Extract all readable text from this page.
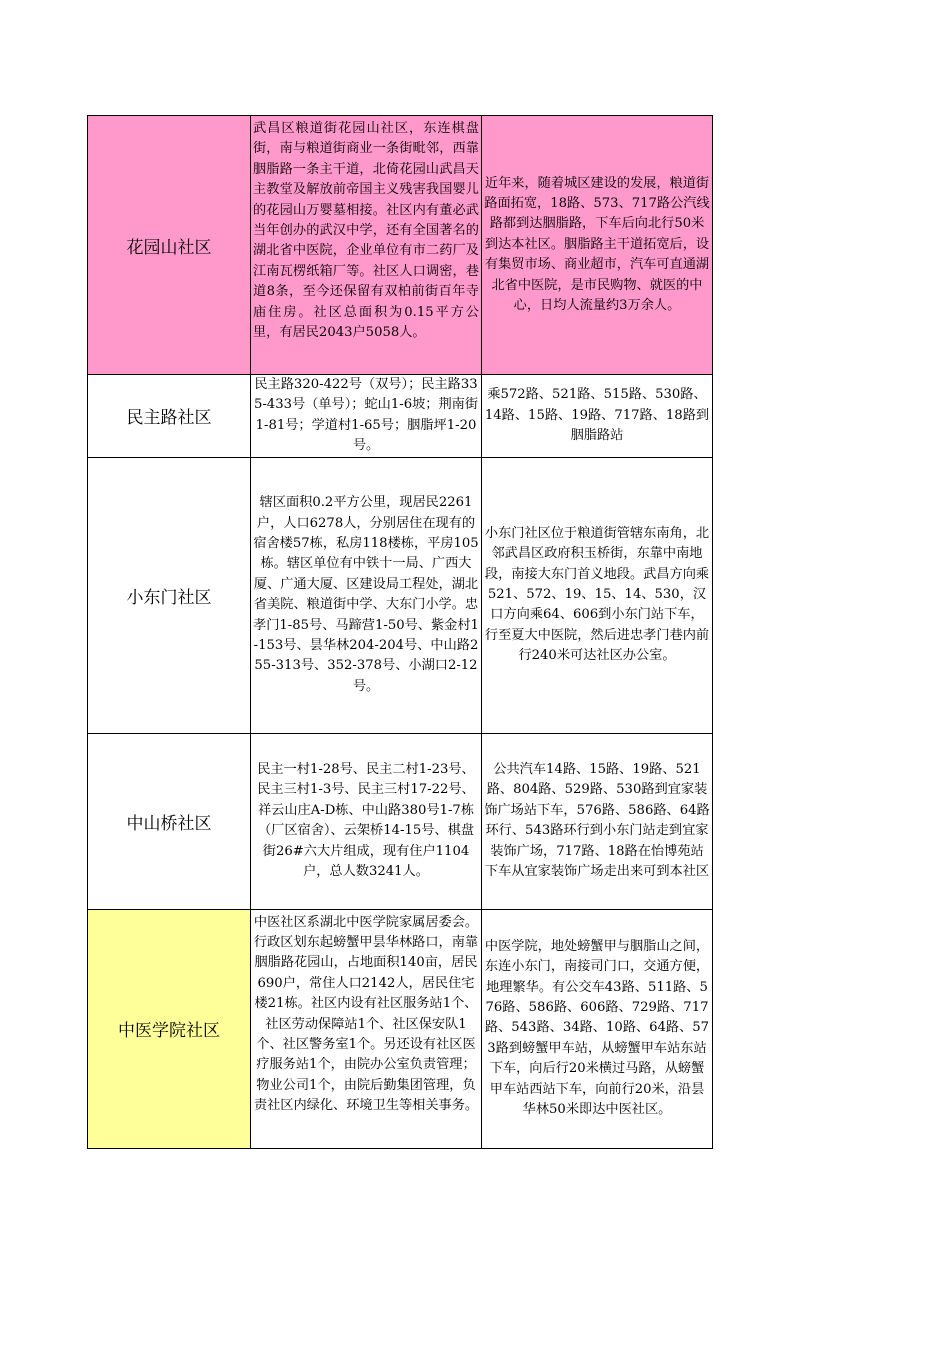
花园山社区	武昌区粮道街花园山社区，东连棋盘街，南与粮道街商业一条街毗邻，西靠胭脂路一条主干道，北倚花园山武昌天主教堂及解放前帝国主义残害我国婴儿的花园山万婴墓相接。社区内有董必武当年创办的武汉中学，还有全国著名的湖北省中医院，企业单位有市二药厂及江南瓦楞纸箱厂等。社区人口调密，巷道8条，至今还保留有双柏前街百年寺庙住房。社区总面积为0.15平方公里，有居民2043户5058人。	近年来，随着城区建设的发展，粮道街路面拓宽，18路、573、717路公汽线路都到达胭脂路，下车后向北行50米到达本社区。胭脂路主干道拓宽后，设有集贸市场、商业超市，汽车可直通湖北省中医院，是市民购物、就医的中心，日均人流量约3万余人。

民主路社区	民主路320-422号（双号）；民主路335-433号（单号）；蛇山1-6坡；荆南街1-81号；学道村1-65号；胭脂坪1-20号。	乘572路、521路、515路、530路、14路、15路、19路、717路、18路到胭脂路站

小东门社区	辖区面积0.2平方公里，现居民2261户，人口6278人，分别居住在现有的宿舍楼57栋，私房118楼栋，平房105栋。辖区单位有中铁十一局、广西大厦、广通大厦、区建设局工程处，湖北省美院、粮道街中学、大东门小学。忠孝门1-85号、马蹄营1-50号、紫金村1-153号、昙华林204-204号、中山路255-313号、352-378号、小湖口2-12号。	小东门社区位于粮道街管辖东南角，北邻武昌区政府积玉桥街，东靠中南地段，南接大东门首义地段。武昌方向乘521、572、19、15、14、530，汉口方向乘64、606到小东门站下车，行至夏大中医院，然后进忠孝门巷内前行240米可达社区办公室。

中山桥社区	民主一村1-28号、民主二村1-23号、民主三村1-3号、民主三村17-22号、祥云山庄A-D栋、中山路380号1-7栋（厂区宿舍）、云架桥14-15号、棋盘街26#六大片组成，现有住户1104户，总人数3241人。	公共汽车14路、15路、19路、521路、804路、529路、530路到宜家装饰广场站下车，576路、586路、64路环行、543路环行到小东门站走到宜家装饰广场，717路、18路在怡博苑站下车从宜家装饰广场走出来可到本社区

中医学院社区	中医社区系湖北中医学院家属居委会。行政区划东起螃蟹甲昙华林路口，南靠胭脂路花园山，占地面积140亩，居民690户，常住人口2142人，居民住宅楼21栋。社区内设有社区服务站1个、社区劳动保障站1个、社区保安队1个、社区警务室1个。另还设有社区医疗服务站1个，由院办公室负责管理；物业公司1个，由院后勤集团管理，负责社区内绿化、环境卫生等相关事务。	中医学院，地处螃蟹甲与胭脂山之间，东连小东门，南接司门口，交通方便，地理繁华。有公交车43路、511路、576路、586路、606路、729路、717路、543路、34路、10路、64路、573路到螃蟹甲车站，从螃蟹甲车站东站下车，向后行20米横过马路，从螃蟹甲车站西站下车，向前行20米，沿昙华林50米即达中医社区。
